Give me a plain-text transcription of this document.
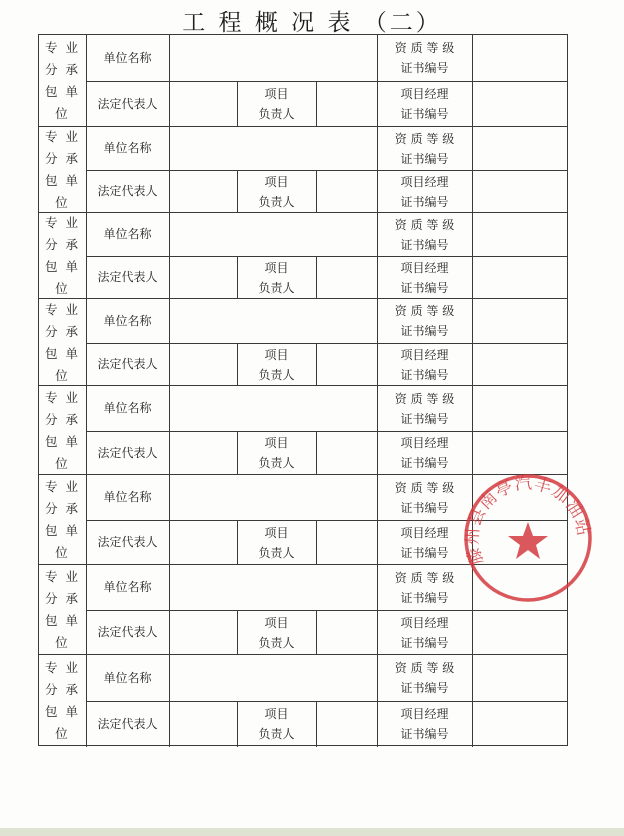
工 程 概 况 表 （二）
专 业
分 承
包 单
位
单位名称
资 质 等 级
证书编号
法定代表人
项目
负责人
项目经理
证书编号
专 业
分 承
包 单
位
单位名称
资 质 等 级
证书编号
法定代表人
项目
负责人
项目经理
证书编号
专 业
分 承
包 单
位
单位名称
资 质 等 级
证书编号
法定代表人
项目
负责人
项目经理
证书编号
专 业
分 承
包 单
位
单位名称
资 质 等 级
证书编号
法定代表人
项目
负责人
项目经理
证书编号
专 业
分 承
包 单
位
单位名称
资 质 等 级
证书编号
法定代表人
项目
负责人
项目经理
证书编号
专 业
分 承
包 单
位
单位名称
资 质 等 级
证书编号
法定代表人
项目
负责人
项目经理
证书编号
专 业
分 承
包 单
位
单位名称
资 质 等 级
证书编号
法定代表人
项目
负责人
项目经理
证书编号
专 业
分 承
包 单
位
单位名称
资 质 等 级
证书编号
法定代表人
项目
负责人
项目经理
证书编号
滕州县南亭汽丰加油站
